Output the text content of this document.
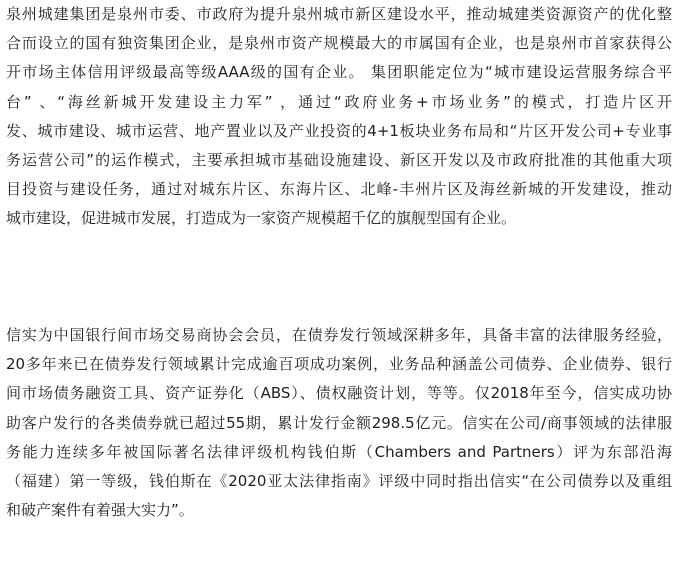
泉州城建集团是泉州市委、市政府为提升泉州城市新区建设水平，推动城建类资源资产的优化整
合而设立的国有独资集团企业，是泉州市资产规模最大的市属国有企业，也是泉州市首家获得公
开市场主体信用评级最高等级AAA级的国有企业。 集团职能定位为“城市建设运营服务综合平
台” 、“海丝新城开发建设主力军” ，通过“政府业务+市场业务”的模式，打造片区开
发、城市建设、城市运营、地产置业以及产业投资的4+1板块业务布局和“片区开发公司+专业事
务运营公司”的运作模式，主要承担城市基础设施建设、新区开发以及市政府批准的其他重大项
目投资与建设任务，通过对城东片区、东海片区、北峰-丰州片区及海丝新城的开发建设，推动
城市建设，促进城市发展，打造成为一家资产规模超千亿的旗舰型国有企业。
信实为中国银行间市场交易商协会会员，在债券发行领域深耕多年，具备丰富的法律服务经验，
20多年来已在债券发行领域累计完成逾百项成功案例，业务品种涵盖公司债券、企业债券、银行
间市场债务融资工具、资产证券化（ABS）、债权融资计划，等等。仅2018年至今，信实成功协
助客户发行的各类债券就已超过55期，累计发行金额298.5亿元。信实在公司/商事领域的法律服
务能力连续多年被国际著名法律评级机构钱伯斯（Chambers and Partners）评为东部沿海
（福建）第一等级，钱伯斯在《2020亚太法律指南》评级中同时指出信实“在公司债券以及重组
和破产案件有着强大实力”。
